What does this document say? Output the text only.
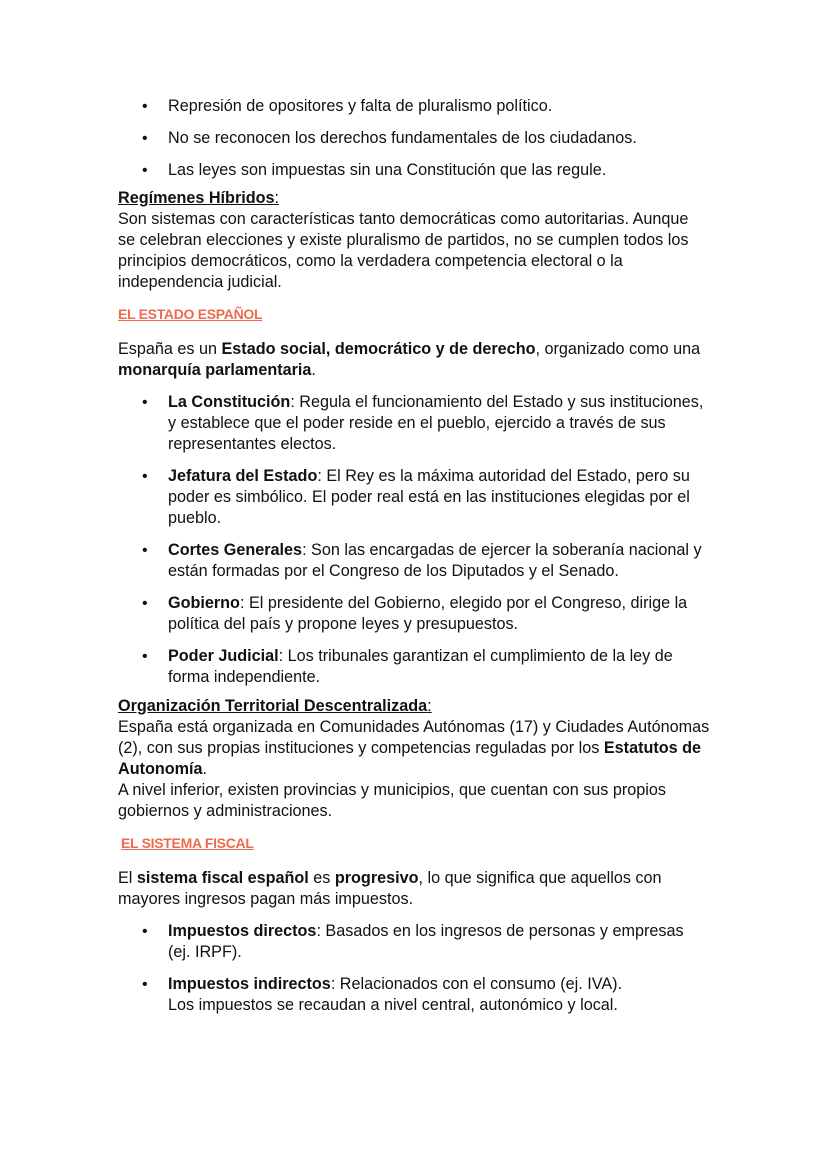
• Represión de opositores y falta de pluralismo político.
• No se reconocen los derechos fundamentales de los ciudadanos.
• Las leyes son impuestas sin una Constitución que las regule.
Regímenes Híbridos:

Son sistemas con características tanto democráticas como autoritarias. Aunque se celebran elecciones y existe pluralismo de partidos, no se cumplen todos los principios democráticos, como la verdadera competencia electoral o la independencia judicial.

EL ESTADO ESPAÑOL

España es un Estado social, democrático y de derecho, organizado como una monarquía parlamentaria.

• La Constitución: Regula el funcionamiento del Estado y sus instituciones, y establece que el poder reside en el pueblo, ejercido a través de sus representantes electos.
• Jefatura del Estado: El Rey es la máxima autoridad del Estado, pero su poder es simbólico. El poder real está en las instituciones elegidas por el pueblo.
• Cortes Generales: Son las encargadas de ejercer la soberanía nacional y están formadas por el Congreso de los Diputados y el Senado.
• Gobierno: El presidente del Gobierno, elegido por el Congreso, dirige la política del país y propone leyes y presupuestos.
• Poder Judicial: Los tribunales garantizan el cumplimiento de la ley de forma independiente.
Organización Territorial Descentralizada:

España está organizada en Comunidades Autónomas (17) y Ciudades Autónomas (2), con sus propias instituciones y competencias reguladas por los Estatutos de Autonomía.

A nivel inferior, existen provincias y municipios, que cuentan con sus propios gobiernos y administraciones.

EL SISTEMA FISCAL

El sistema fiscal español es progresivo, lo que significa que aquellos con mayores ingresos pagan más impuestos.

• Impuestos directos: Basados en los ingresos de personas y empresas (ej. IRPF).
• Impuestos indirectos: Relacionados con el consumo (ej. IVA).
Los impuestos se recaudan a nivel central, autonómico y local.
